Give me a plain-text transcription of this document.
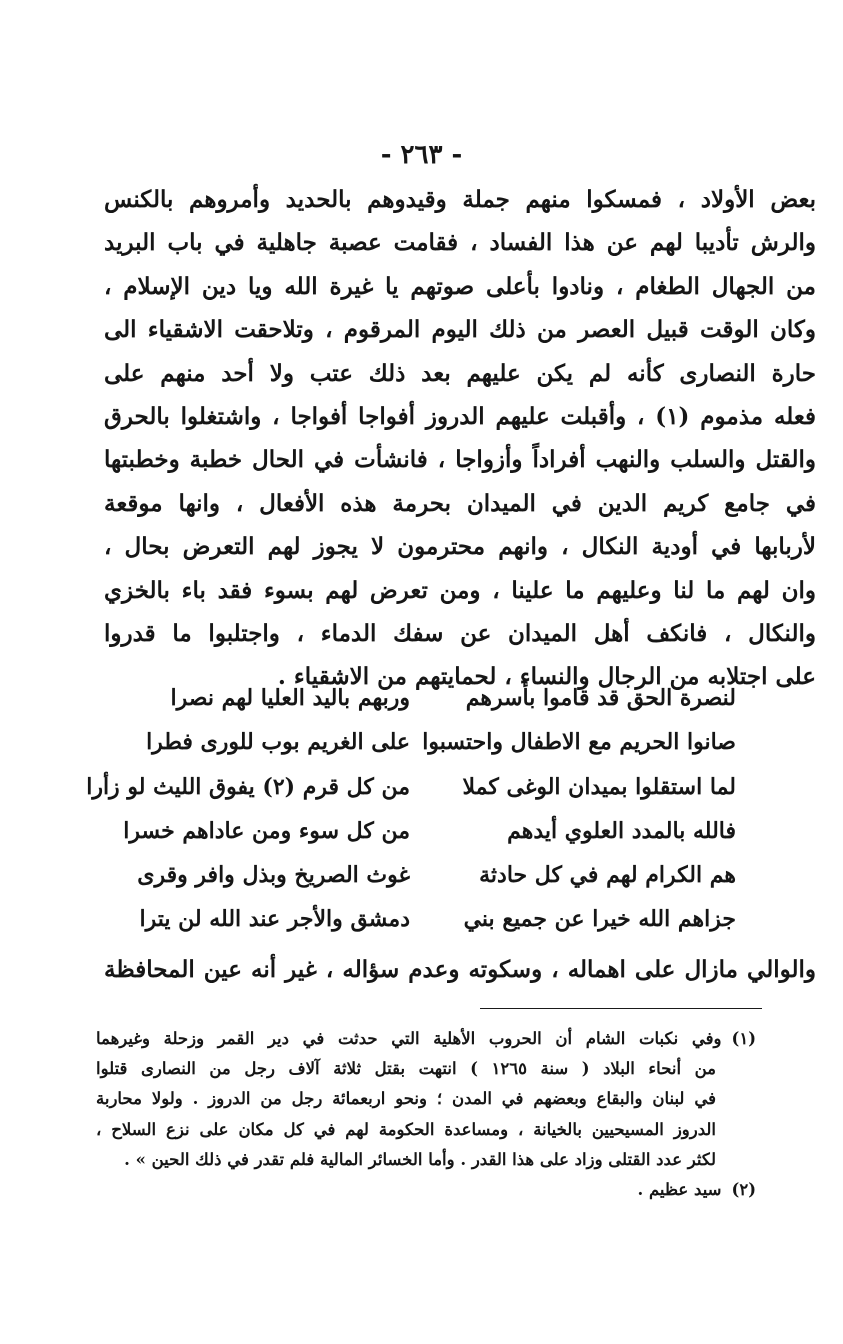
- ٢٦٣ -
بعض الأولاد ، فمسكوا منهم جملة وقيدوهم بالحديد وأمروهم بالكنس
والرش تأديبا لهم عن هذا الفساد ، فقامت عصبة جاهلية في باب البريد
من الجهال الطغام ، ونادوا بأعلى صوتهم يا غيرة الله ويا دين الإسلام ،
وكان الوقت قبيل العصر من ذلك اليوم المرقوم ، وتلاحقت الاشقياء الى
حارة النصارى كأنه لم يكن عليهم بعد ذلك عتب ولا أحد منهم على
فعله مذموم (١) ، وأقبلت عليهم الدروز أفواجا أفواجا ، واشتغلوا بالحرق
والقتل والسلب والنهب أفراداً وأزواجا ، فانشأت في الحال خطبة وخطبتها
في جامع كريم الدين في الميدان بحرمة هذه الأفعال ، وانها موقعة
لأربابها في أودية النكال ، وانهم محترمون لا يجوز لهم التعرض بحال ،
وان لهم ما لنا وعليهم ما علينا ، ومن تعرض لهم بسوء فقد باء بالخزي
والنكال ، فانكف أهل الميدان عن سفك الدماء ، واجتلبوا ما قدروا
على اجتلابه من الرجال والنساء ، لحمايتهم من الاشقياء .
لنصرة الحق قد قاموا بأسرهم
وربهم باليد العليا لهم نصرا
صانوا الحريم مع الاطفال واحتسبوا
على الغريم بوب للورى فطرا
لما استقلوا بميدان الوغى كملا
من كل قرم (٢) يفوق الليث لو زأرا
فالله بالمدد العلوي أيدهم
من كل سوء ومن عاداهم خسرا
هم الكرام لهم في كل حادثة
غوث الصريخ وبذل وافر وقرى
جزاهم الله خيرا عن جميع بني
دمشق والأجر عند الله لن يترا
والوالي مازال على اهماله ، وسكوته وعدم سؤاله ، غير أنه عين المحافظة
(١)وفي نكبات الشام أن الحروب الأهلية التي حدثت في دير القمر وزحلة وغيرهما
من أنحاء البلاد ( سنة ١٢٦٥ ) انتهت بقتل ثلاثة آلاف رجل من النصارى قتلوا
في لبنان والبقاع وبعضهم في المدن ؛ ونحو اربعمائة رجل من الدروز . ولولا محاربة
الدروز المسيحيين بالخيانة ، ومساعدة الحكومة لهم في كل مكان على نزع السلاح ،
لكثر عدد القتلى وزاد على هذا القدر . وأما الخسائر المالية فلم تقدر في ذلك الحين » .
(٢)سيد عظيم .
